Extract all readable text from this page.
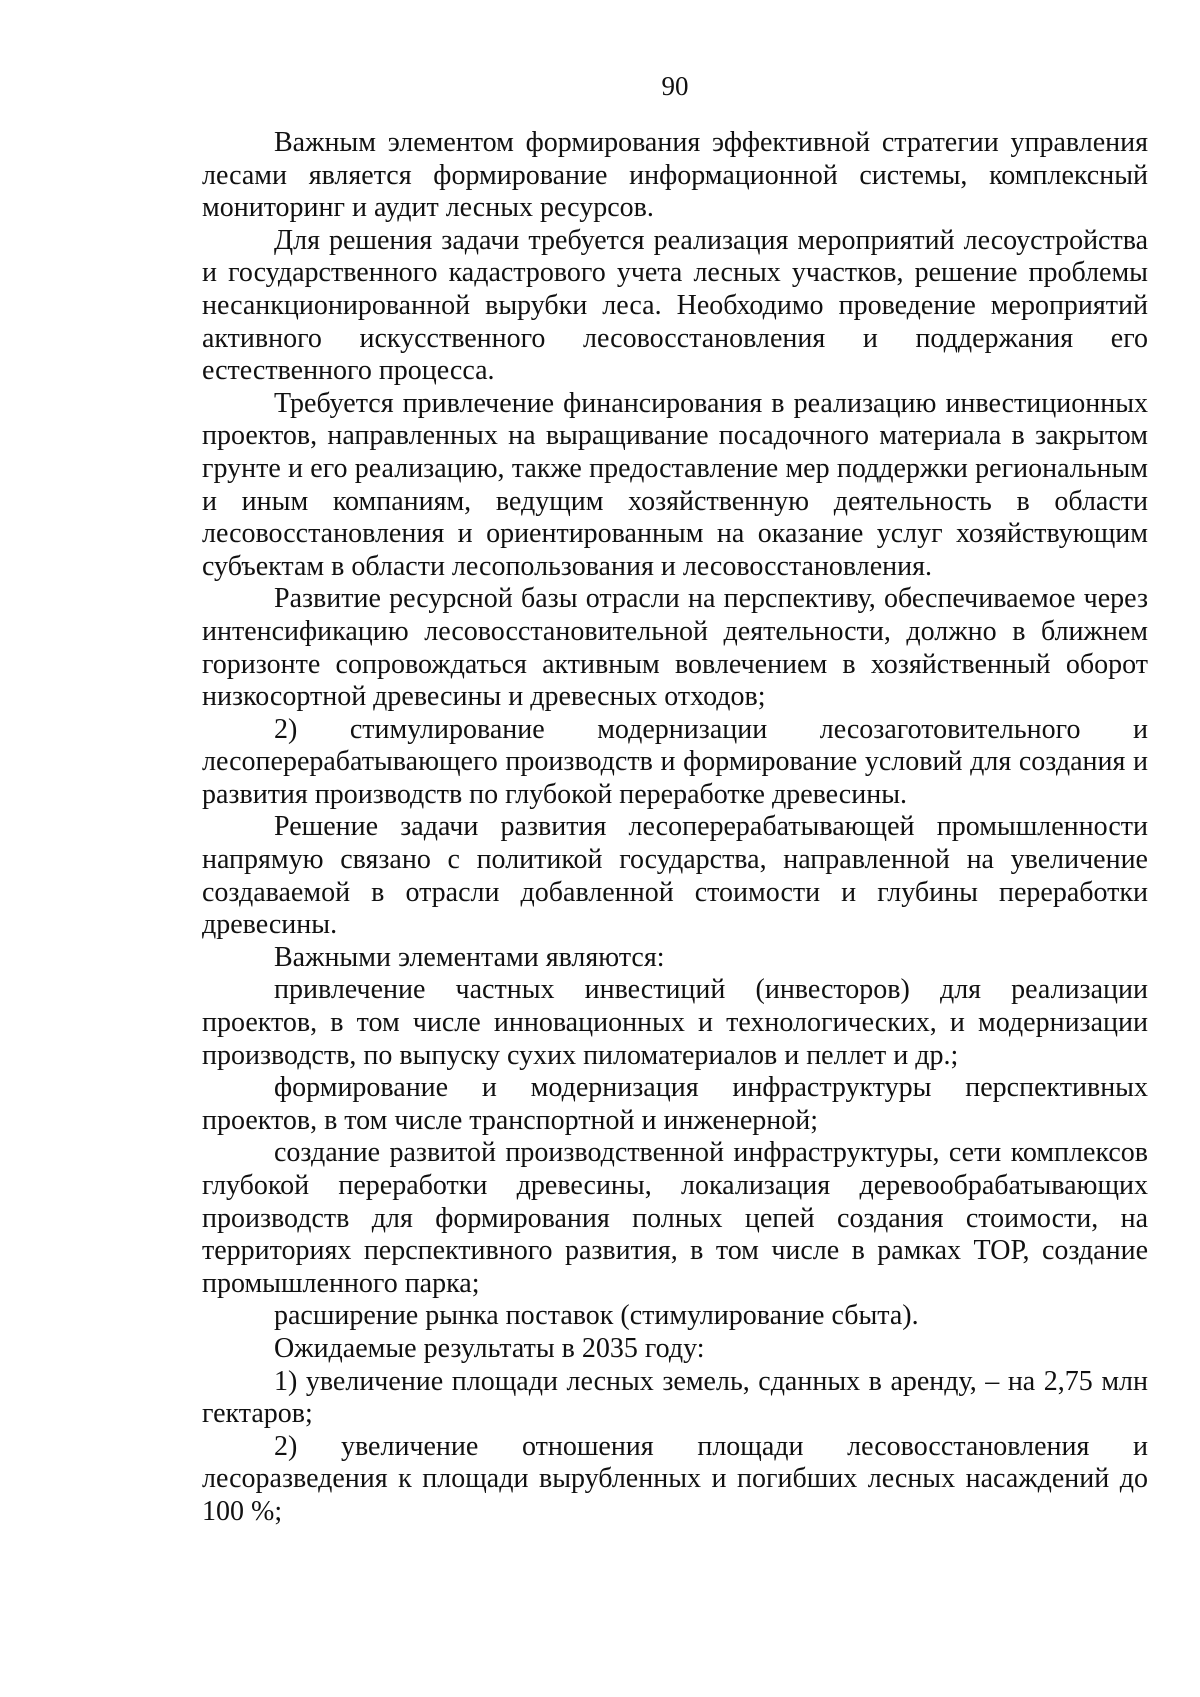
90

Важным элементом формирования эффективной стратегии управления лесами является формирование информационной системы, комплексный мониторинг и аудит лесных ресурсов.

Для решения задачи требуется реализация мероприятий лесоустройства и государственного кадастрового учета лесных участков, решение проблемы несанкционированной вырубки леса. Необходимо проведение мероприятий активного искусственного лесовосстановления и поддержания его естественного процесса.

Требуется привлечение финансирования в реализацию инвестиционных проектов, направленных на выращивание посадочного материала в закрытом грунте и его реализацию, также предоставление мер поддержки региональным и иным компаниям, ведущим хозяйственную деятельность в области лесовосстановления и ориентированным на оказание услуг хозяйствующим субъектам в области лесопользования и лесовосстановления.

Развитие ресурсной базы отрасли на перспективу, обеспечиваемое через интенсификацию лесовосстановительной деятельности, должно в ближнем горизонте сопровождаться активным вовлечением в хозяйственный оборот низкосортной древесины и древесных отходов;

2) стимулирование модернизации лесозаготовительного и лесоперерабатывающего производств и формирование условий для создания и развития производств по глубокой переработке древесины.

Решение задачи развития лесоперерабатывающей промышленности напрямую связано с политикой государства, направленной на увеличение создаваемой в отрасли добавленной стоимости и глубины переработки древесины.

Важными элементами являются:

привлечение частных инвестиций (инвесторов) для реализации проектов, в том числе инновационных и технологических, и модернизации производств, по выпуску сухих пиломатериалов и пеллет и др.;

формирование и модернизация инфраструктуры перспективных проектов, в том числе транспортной и инженерной;

создание развитой производственной инфраструктуры, сети комплексов глубокой переработки древесины, локализация деревообрабатывающих производств для формирования полных цепей создания стоимости, на территориях перспективного развития, в том числе в рамках ТОР, создание промышленного парка;

расширение рынка поставок (стимулирование сбыта).

Ожидаемые результаты в 2035 году:

1) увеличение площади лесных земель, сданных в аренду, – на 2,75 млн гектаров;

2) увеличение отношения площади лесовосстановления и лесоразведения к площади вырубленных и погибших лесных насаждений до 100 %;
